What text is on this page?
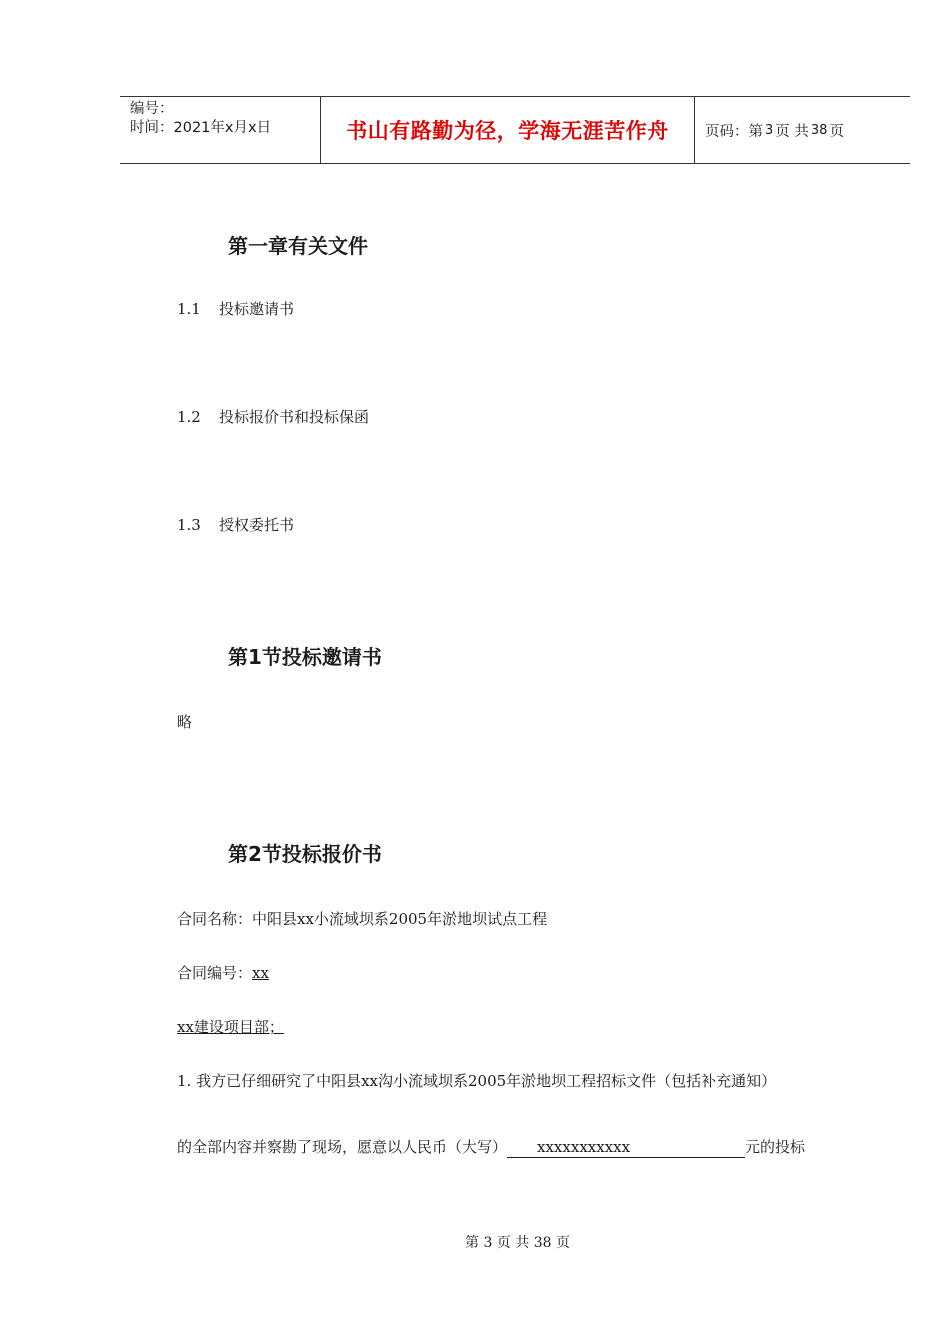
编号：
时间：2021年x月x日	书山有路勤为径，学海无涯苦作舟	页码：第 3 页 共 38 页
第一章有关文件
1.1 投标邀请书
1.2 投标报价书和投标保函
1.3 授权委托书
第1节投标邀请书
略
第2节投标报价书
合同名称：中阳县xx小流域坝系2005年淤地坝试点工程
合同编号：xx
xx建设项目部；
1. 我方已仔细研究了中阳县xx沟小流域坝系2005年淤地坝工程招标文件（包括补充通知）
的全部内容并察勘了现场，愿意以人民币（大写） xxxxxxxxxxx	元的投标
第 3 页 共 38 页
